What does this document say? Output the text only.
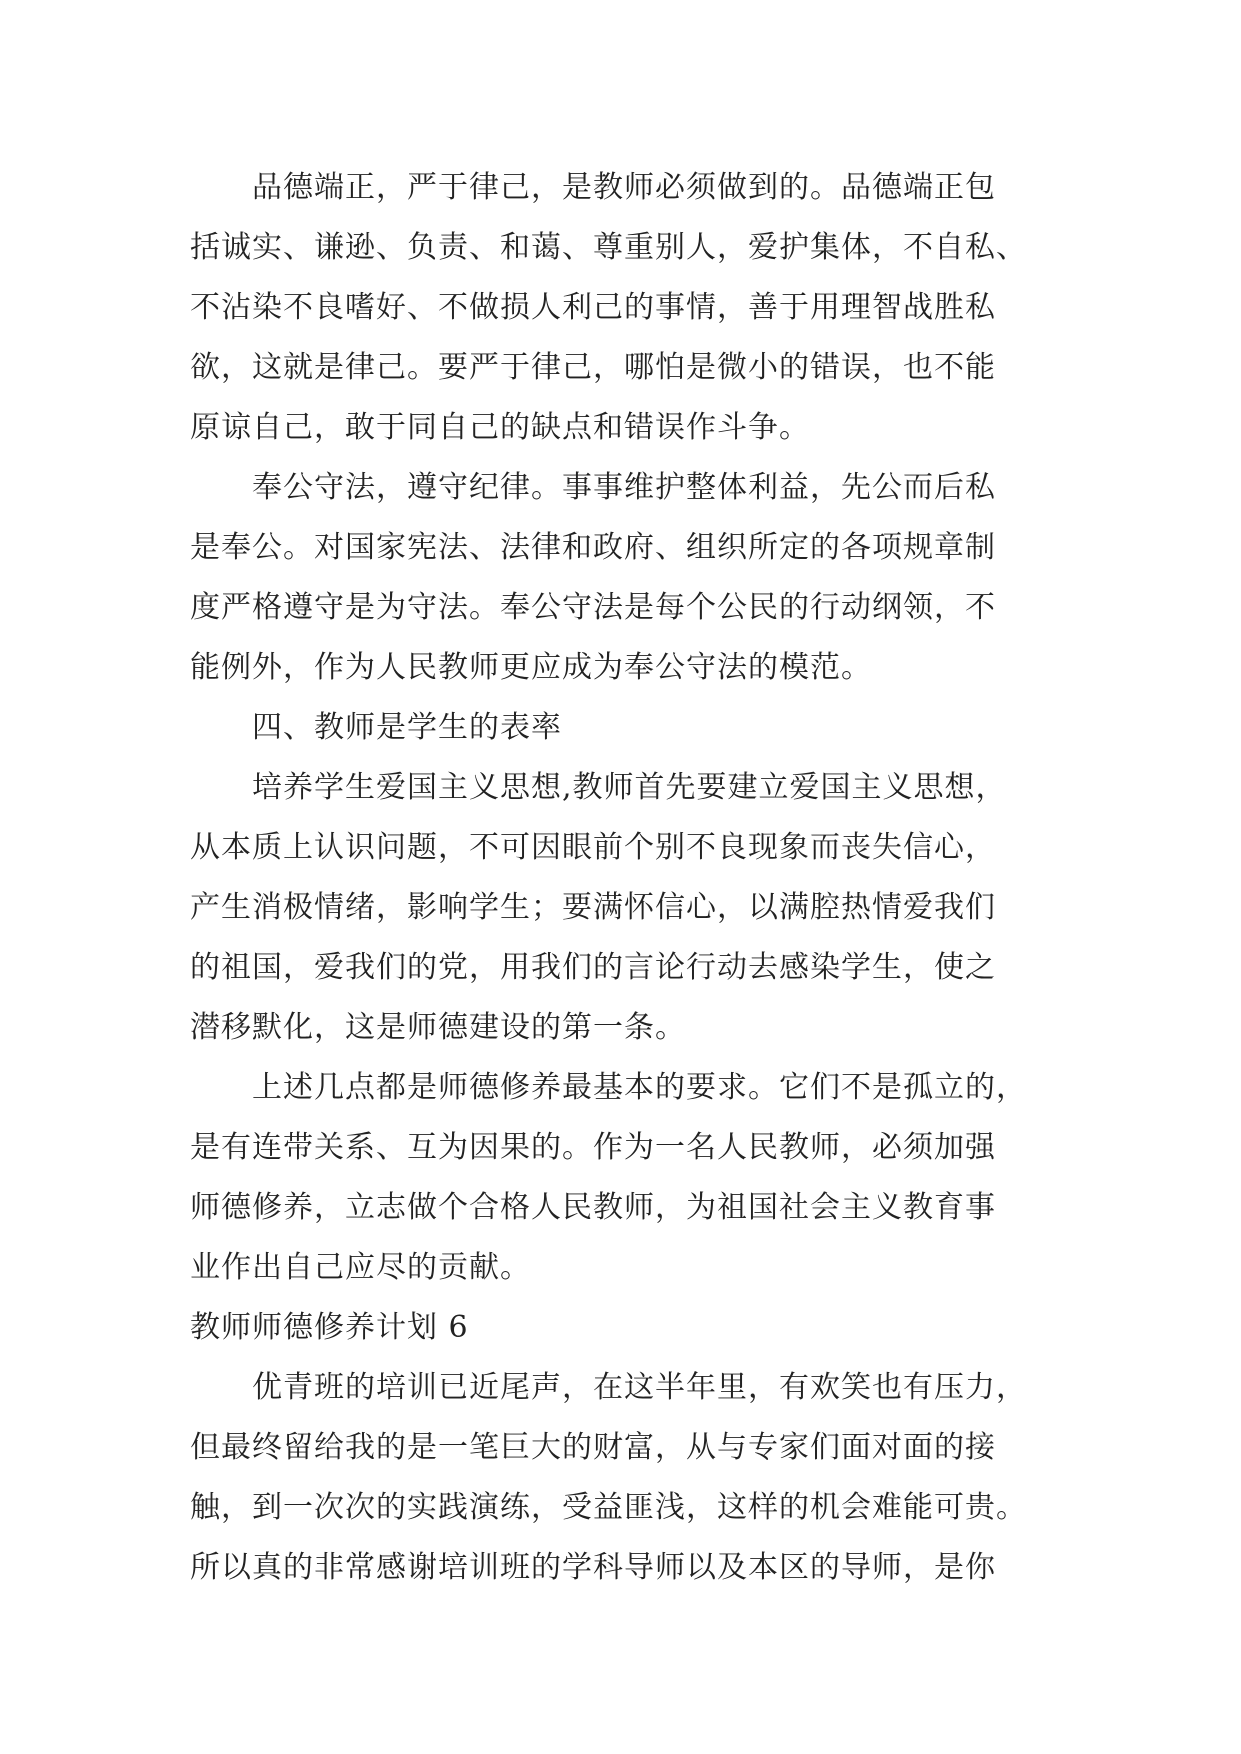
品德端正，严于律己，是教师必须做到的。品德端正包
括诚实、谦逊、负责、和蔼、尊重别人，爱护集体，不自私、
不沾染不良嗜好、不做损人利己的事情，善于用理智战胜私
欲，这就是律己。要严于律己，哪怕是微小的错误，也不能
原谅自己，敢于同自己的缺点和错误作斗争。
奉公守法，遵守纪律。事事维护整体利益，先公而后私
是奉公。对国家宪法、法律和政府、组织所定的各项规章制
度严格遵守是为守法。奉公守法是每个公民的行动纲领，不
能例外，作为人民教师更应成为奉公守法的模范。
四、教师是学生的表率
培养学生爱国主义思想,教师首先要建立爱国主义思想，
从本质上认识问题，不可因眼前个别不良现象而丧失信心，
产生消极情绪，影响学生；要满怀信心，以满腔热情爱我们
的祖国，爱我们的党，用我们的言论行动去感染学生，使之
潜移默化，这是师德建设的第一条。
上述几点都是师德修养最基本的要求。它们不是孤立的，
是有连带关系、互为因果的。作为一名人民教师，必须加强
师德修养，立志做个合格人民教师，为祖国社会主义教育事
业作出自己应尽的贡献。
教师师德修养计划 6
优青班的培训已近尾声，在这半年里，有欢笑也有压力，
但最终留给我的是一笔巨大的财富，从与专家们面对面的接
触，到一次次的实践演练，受益匪浅，这样的机会难能可贵。
所以真的非常感谢培训班的学科导师以及本区的导师，是你
